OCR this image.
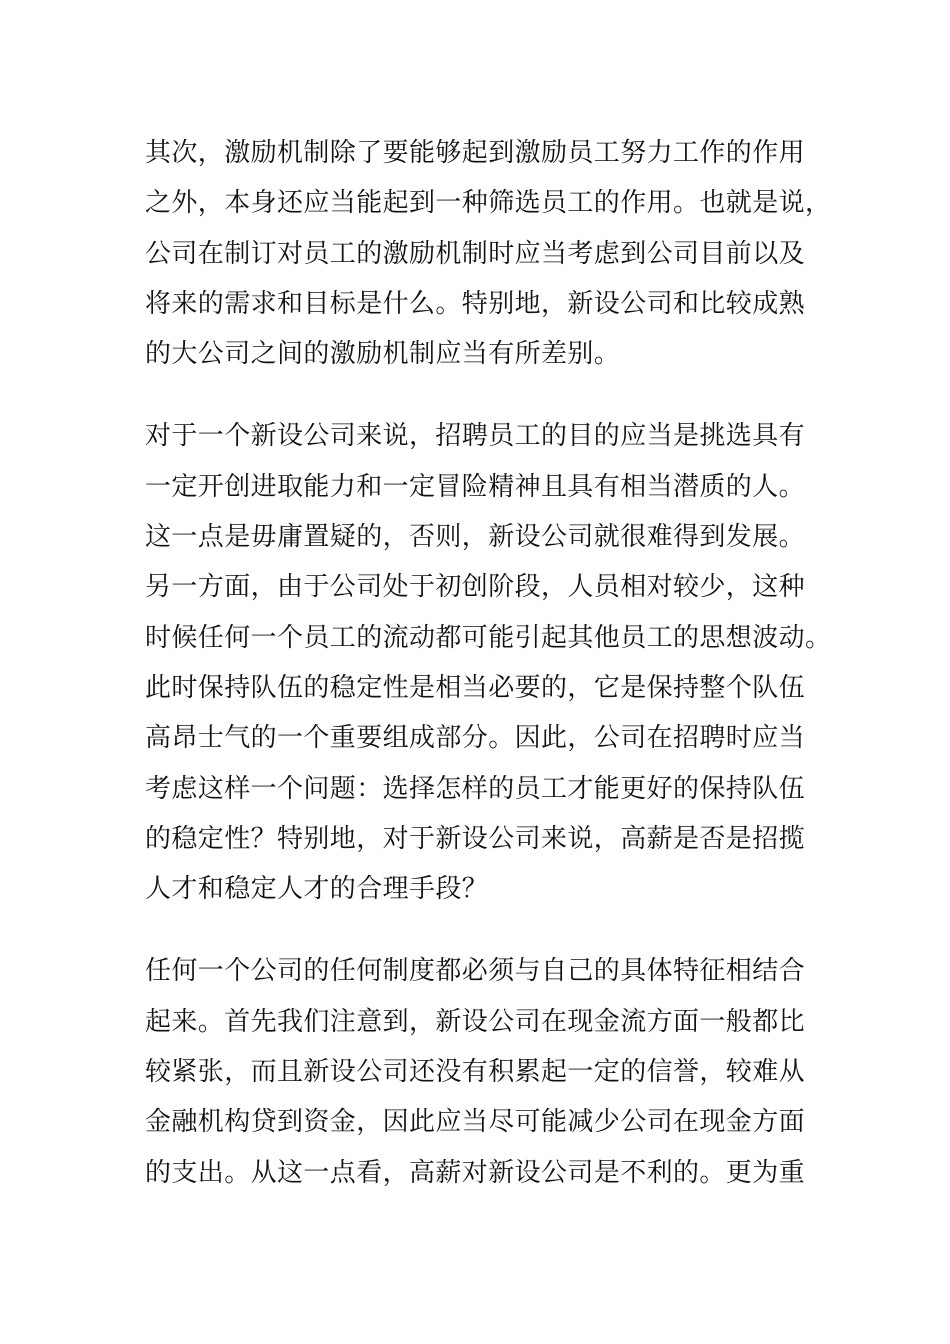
其次，激励机制除了要能够起到激励员工努力工作的作用
之外，本身还应当能起到一种筛选员工的作用。也就是说，
公司在制订对员工的激励机制时应当考虑到公司目前以及
将来的需求和目标是什么。特别地，新设公司和比较成熟
的大公司之间的激励机制应当有所差别。
对于一个新设公司来说，招聘员工的目的应当是挑选具有
一定开创进取能力和一定冒险精神且具有相当潜质的人。
这一点是毋庸置疑的，否则，新设公司就很难得到发展。
另一方面，由于公司处于初创阶段，人员相对较少，这种
时候任何一个员工的流动都可能引起其他员工的思想波动。
此时保持队伍的稳定性是相当必要的，它是保持整个队伍
高昂士气的一个重要组成部分。因此，公司在招聘时应当
考虑这样一个问题：选择怎样的员工才能更好的保持队伍
的稳定性？特别地，对于新设公司来说，高薪是否是招揽
人才和稳定人才的合理手段？
任何一个公司的任何制度都必须与自己的具体特征相结合
起来。首先我们注意到，新设公司在现金流方面一般都比
较紧张，而且新设公司还没有积累起一定的信誉，较难从
金融机构贷到资金，因此应当尽可能减少公司在现金方面
的支出。从这一点看，高薪对新设公司是不利的。更为重
